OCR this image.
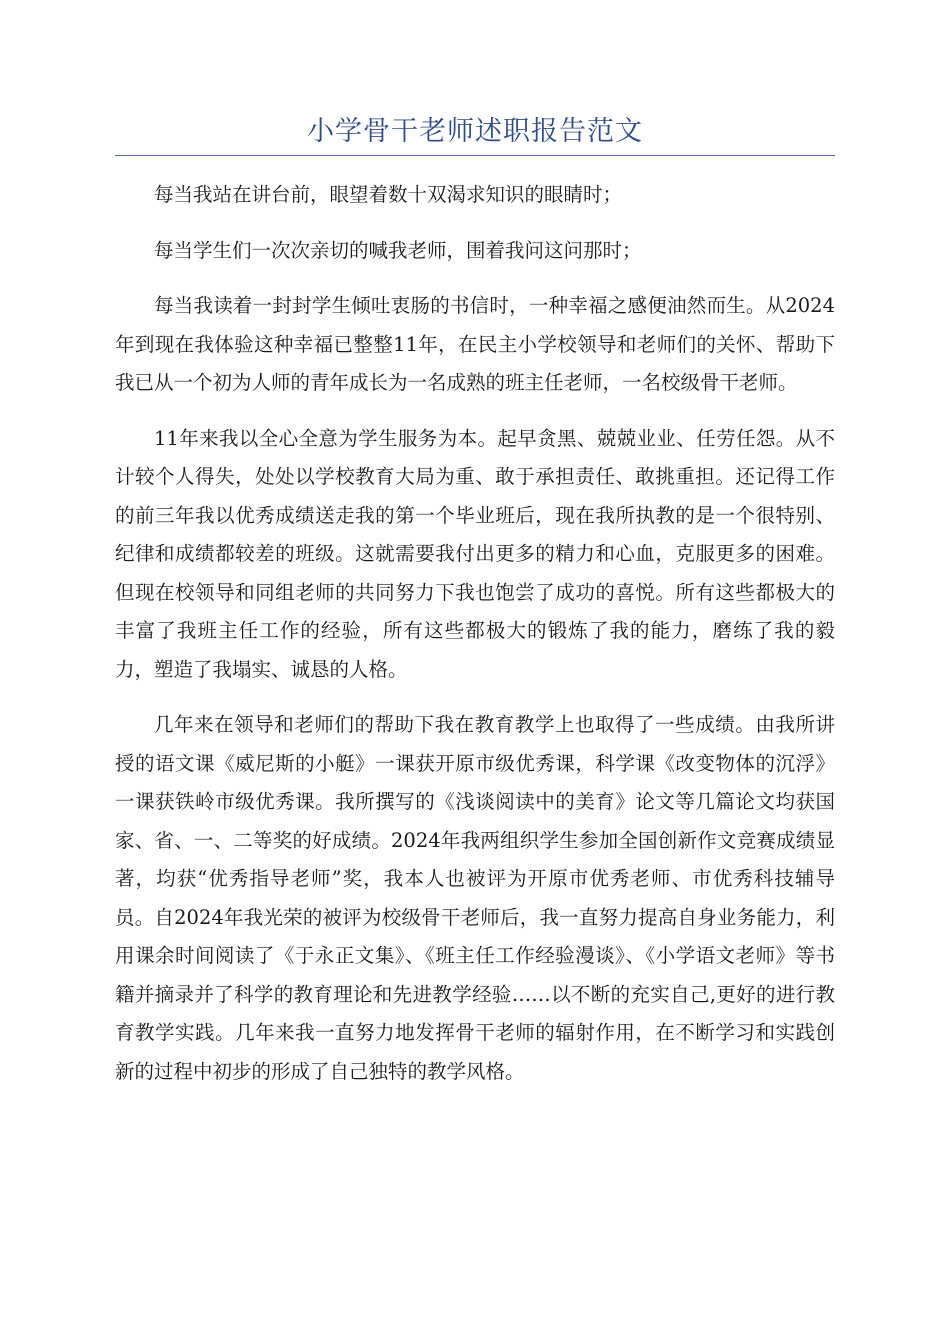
小学骨干老师述职报告范文

每当我站在讲台前，眼望着数十双渴求知识的眼睛时；

每当学生们一次次亲切的喊我老师，围着我问这问那时；

每当我读着一封封学生倾吐衷肠的书信时，一种幸福之感便油然而生。从2024年到现在我体验这种幸福已整整11年，在民主小学校领导和老师们的关怀、帮助下我已从一个初为人师的青年成长为一名成熟的班主任老师，一名校级骨干老师。

11年来我以全心全意为学生服务为本。起早贪黑、兢兢业业、任劳任怨。从不计较个人得失，处处以学校教育大局为重、敢于承担责任、敢挑重担。还记得工作的前三年我以优秀成绩送走我的第一个毕业班后，现在我所执教的是一个很特别、纪律和成绩都较差的班级。这就需要我付出更多的精力和心血，克服更多的困难。但现在校领导和同组老师的共同努力下我也饱尝了成功的喜悦。所有这些都极大的丰富了我班主任工作的经验，所有这些都极大的锻炼了我的能力，磨练了我的毅力，塑造了我塌实、诚恳的人格。

几年来在领导和老师们的帮助下我在教育教学上也取得了一些成绩。由我所讲授的语文课《威尼斯的小艇》一课获开原市级优秀课，科学课《改变物体的沉浮》一课获铁岭市级优秀课。我所撰写的《浅谈阅读中的美育》论文等几篇论文均获国家、省、一、二等奖的好成绩。2024年我两组织学生参加全国创新作文竞赛成绩显著，均获“优秀指导老师”奖，我本人也被评为开原市优秀老师、市优秀科技辅导员。自2024年我光荣的被评为校级骨干老师后，我一直努力提高自身业务能力，利用课余时间阅读了《于永正文集》、《班主任工作经验漫谈》、《小学语文老师》等书籍并摘录并了科学的教育理论和先进教学经验……以不断的充实自己,更好的进行教育教学实践。几年来我一直努力地发挥骨干老师的辐射作用，在不断学习和实践创新的过程中初步的形成了自己独特的教学风格。
